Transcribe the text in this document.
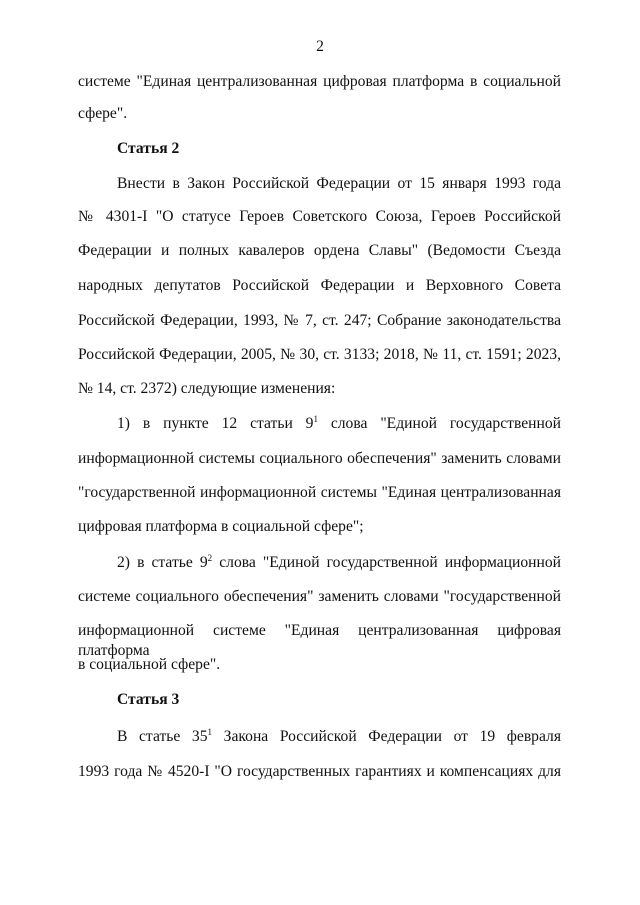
2
системе "Единая централизованная цифровая платформа в социальной
сфере".
Статья 2
Внести в Закон Российской Федерации от 15 января 1993 года
№ 4301-I "О статусе Героев Советского Союза, Героев Российской
Федерации и полных кавалеров ордена Славы" (Ведомости Съезда
народных депутатов Российской Федерации и Верховного Совета
Российской Федерации, 1993, № 7, ст. 247; Собрание законодательства
Российской Федерации, 2005, № 30, ст. 3133; 2018, № 11, ст. 1591; 2023,
№ 14, ст. 2372) следующие изменения:
1) в пункте 12 статьи $9^1$ слова "Единой государственной
информационной системы социального обеспечения" заменить словами
"государственной информационной системы "Единая централизованная
цифровая платформа в социальной сфере";
2) в статье $9^2$ слова "Единой государственной информационной
системе социального обеспечения" заменить словами "государственной
информационной системе "Единая централизованная цифровая платформа
в социальной сфере".
Статья 3
В статье $35^1$ Закона Российской Федерации от 19 февраля
1993 года № 4520-I "О государственных гарантиях и компенсациях для
